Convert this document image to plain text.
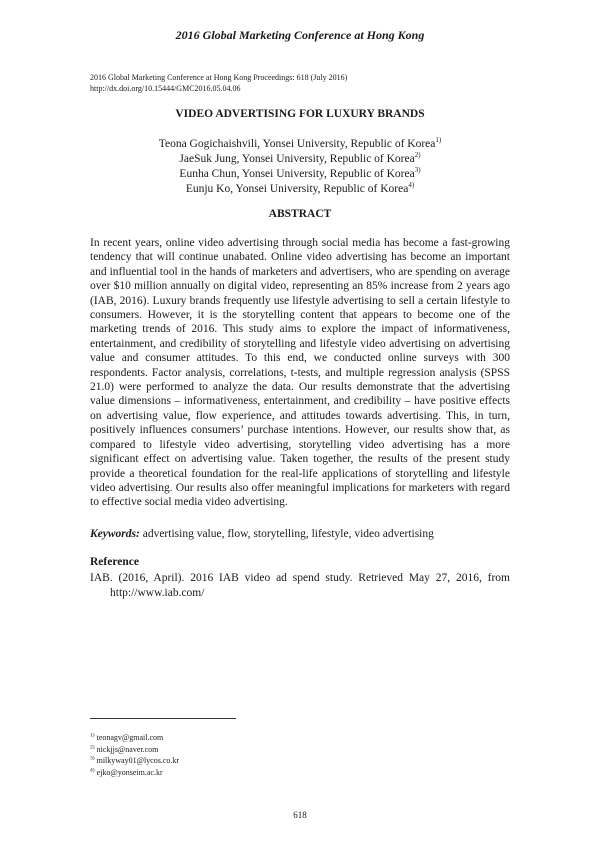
2016 Global Marketing Conference at Hong Kong
2016 Global Marketing Conference at Hong Kong Proceedings: 618 (July 2016)
http://dx.doi.org/10.15444/GMC2016.05.04.06
VIDEO ADVERTISING FOR LUXURY BRANDS
Teona Gogichaishvili, Yonsei University, Republic of Korea$^{1)}$
JaeSuk Jung, Yonsei University, Republic of Korea$^{2)}$
Eunha Chun, Yonsei University, Republic of Korea$^{3)}$
Eunju Ko, Yonsei University, Republic of Korea$^{4)}$
ABSTRACT
In recent years, online video advertising through social media has become a fast-growing tendency that will continue unabated. Online video advertising has become an important and influential tool in the hands of marketers and advertisers, who are spending on average over $10 million annually on digital video, representing an 85% increase from 2 years ago (IAB, 2016). Luxury brands frequently use lifestyle advertising to sell a certain lifestyle to consumers. However, it is the storytelling content that appears to become one of the marketing trends of 2016. This study aims to explore the impact of informativeness, entertainment, and credibility of storytelling and lifestyle video advertising on advertising value and consumer attitudes. To this end, we conducted online surveys with 300 respondents. Factor analysis, correlations, t-tests, and multiple regression analysis (SPSS 21.0) were performed to analyze the data. Our results demonstrate that the advertising value dimensions – informativeness, entertainment, and credibility – have positive effects on advertising value, flow experience, and attitudes towards advertising. This, in turn, positively influences consumers’ purchase intentions. However, our results show that, as compared to lifestyle video advertising, storytelling video advertising has a more significant effect on advertising value. Taken together, the results of the present study provide a theoretical foundation for the real-life applications of storytelling and lifestyle video advertising. Our results also offer meaningful implications for marketers with regard to effective social media video advertising.
Keywords: advertising value, flow, storytelling, lifestyle, video advertising
Reference
IAB. (2016, April). 2016 IAB video ad spend study. Retrieved May 27, 2016, from http://www.iab.com/
$^{1)}$ teonagv@gmail.com
$^{2)}$ nickjjs@naver.com
$^{3)}$ milkyway01@lycos.co.kr
$^{4)}$ ejko@yonseim.ac.kr
618
